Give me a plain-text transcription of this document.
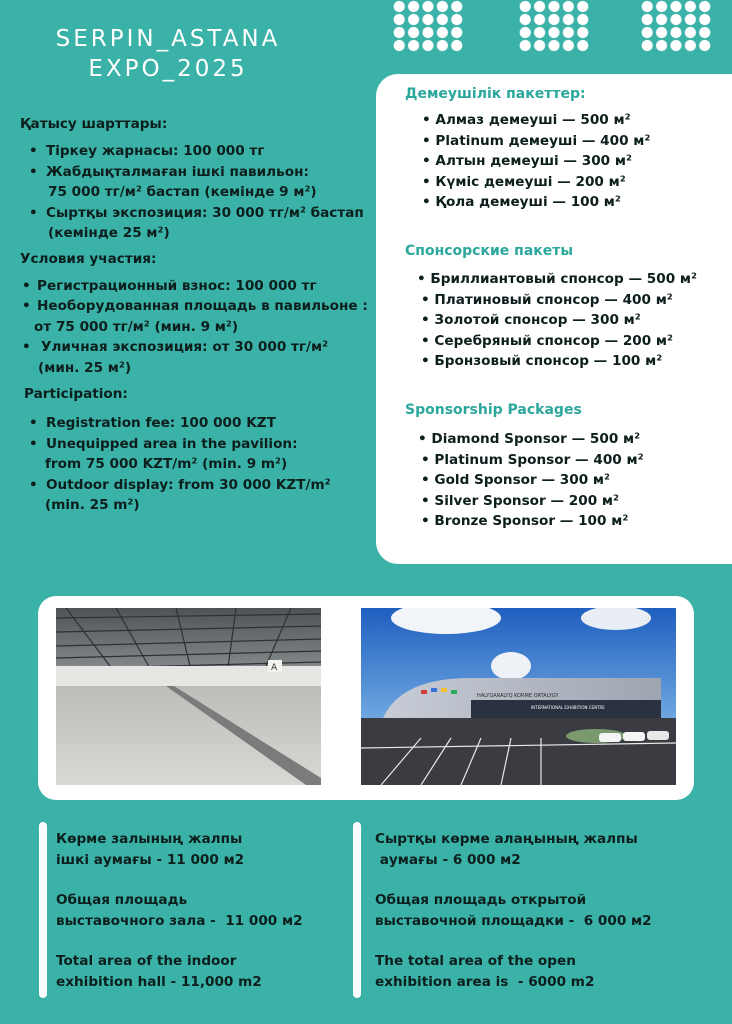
SERPIN_ASTANA
EXPO_2025
Қатысу шарттары:
• Тіркеу жарнасы: 100 000 тг
• Жабдықталмаған ішкі павильон:
75 000 тг/м² бастап (кемінде 9 м²)
• Сыртқы экспозиция: 30 000 тг/м² бастап
(кемінде 25 м²)
Условия участия:
• Регистрационный взнос: 100 000 тг
• Необорудованная площадь в павильоне :
от 75 000 тг/м² (мин. 9 м²)
• Уличная экспозиция: от 30 000 тг/м²
(мин. 25 м²)
Participation:
• Registration fee: 100 000 KZT
• Unequipped area in the pavilion:
from 75 000 KZT/m² (min. 9 m²)
• Outdoor display: from 30 000 KZT/m²
(min. 25 m²)
Демеушілік пакеттер:
• Алмаз демеуші — 500 м²
• Platinum демеуші — 400 м²
• Алтын демеуші — 300 м²
• Күміс демеуші — 200 м²
• Қола демеуші — 100 м²
Спонсорские пакеты
• Бриллиантовый спонсор — 500 м²
• Платиновый спонсор — 400 м²
• Золотой спонсор — 300 м²
• Серебряный спонсор — 200 м²
• Бронзовый спонсор — 100 м²
Sponsorship Packages
• Diamond Sponsor — 500 м²
• Platinum Sponsor — 400 м²
• Gold Sponsor — 300 м²
• Silver Sponsor — 200 м²
• Bronze Sponsor — 100 м²
A
HALYQARALYQ KORME ORTALYGY
INTERNATIONAL EXHIBITION CENTRE
Көрме залының жалпы
ішкі аумағы - 11 000 м2
Общая площадь
выставочного зала -  11 000 м2
Total area of the indoor
exhibition hall - 11,000 m2
Сыртқы көрме алаңының жалпы
аумағы - 6 000 м2
Общая площадь открытой
выставочной площадки -  6 000 м2
The total area of the open
exhibition area is  - 6000 m2
